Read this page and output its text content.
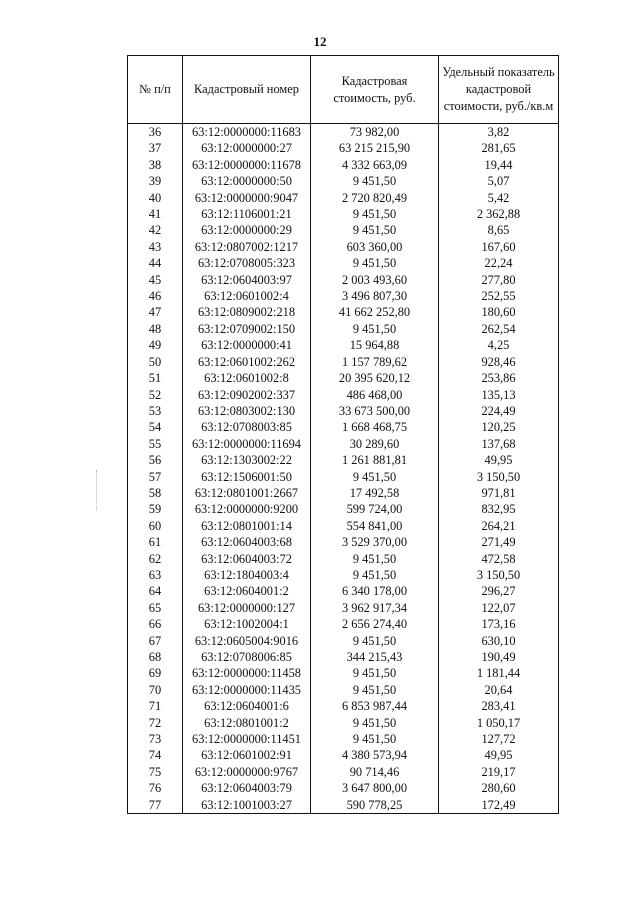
12
№ п/п	Кадастровый номер	Кадастровая стоимость, руб.	Удельный показатель кадастровой стоимости, руб./кв.м
36	63:12:0000000:11683	73 982,00	3,82
37	63:12:0000000:27	63 215 215,90	281,65
38	63:12:0000000:11678	4 332 663,09	19,44
39	63:12:0000000:50	9 451,50	5,07
40	63:12:0000000:9047	2 720 820,49	5,42
41	63:12:1106001:21	9 451,50	2 362,88
42	63:12:0000000:29	9 451,50	8,65
43	63:12:0807002:1217	603 360,00	167,60
44	63:12:0708005:323	9 451,50	22,24
45	63:12:0604003:97	2 003 493,60	277,80
46	63:12:0601002:4	3 496 807,30	252,55
47	63:12:0809002:218	41 662 252,80	180,60
48	63:12:0709002:150	9 451,50	262,54
49	63:12:0000000:41	15 964,88	4,25
50	63:12:0601002:262	1 157 789,62	928,46
51	63:12:0601002:8	20 395 620,12	253,86
52	63:12:0902002:337	486 468,00	135,13
53	63:12:0803002:130	33 673 500,00	224,49
54	63:12:0708003:85	1 668 468,75	120,25
55	63:12:0000000:11694	30 289,60	137,68
56	63:12:1303002:22	1 261 881,81	49,95
57	63:12:1506001:50	9 451,50	3 150,50
58	63:12:0801001:2667	17 492,58	971,81
59	63:12:0000000:9200	599 724,00	832,95
60	63:12:0801001:14	554 841,00	264,21
61	63:12:0604003:68	3 529 370,00	271,49
62	63:12:0604003:72	9 451,50	472,58
63	63:12:1804003:4	9 451,50	3 150,50
64	63:12:0604001:2	6 340 178,00	296,27
65	63:12:0000000:127	3 962 917,34	122,07
66	63:12:1002004:1	2 656 274,40	173,16
67	63:12:0605004:9016	9 451,50	630,10
68	63:12:0708006:85	344 215,43	190,49
69	63:12:0000000:11458	9 451,50	1 181,44
70	63:12:0000000:11435	9 451,50	20,64
71	63:12:0604001:6	6 853 987,44	283,41
72	63:12:0801001:2	9 451,50	1 050,17
73	63:12:0000000:11451	9 451,50	127,72
74	63:12:0601002:91	4 380 573,94	49,95
75	63:12:0000000:9767	90 714,46	219,17
76	63:12:0604003:79	3 647 800,00	280,60
77	63:12:1001003:27	590 778,25	172,49
